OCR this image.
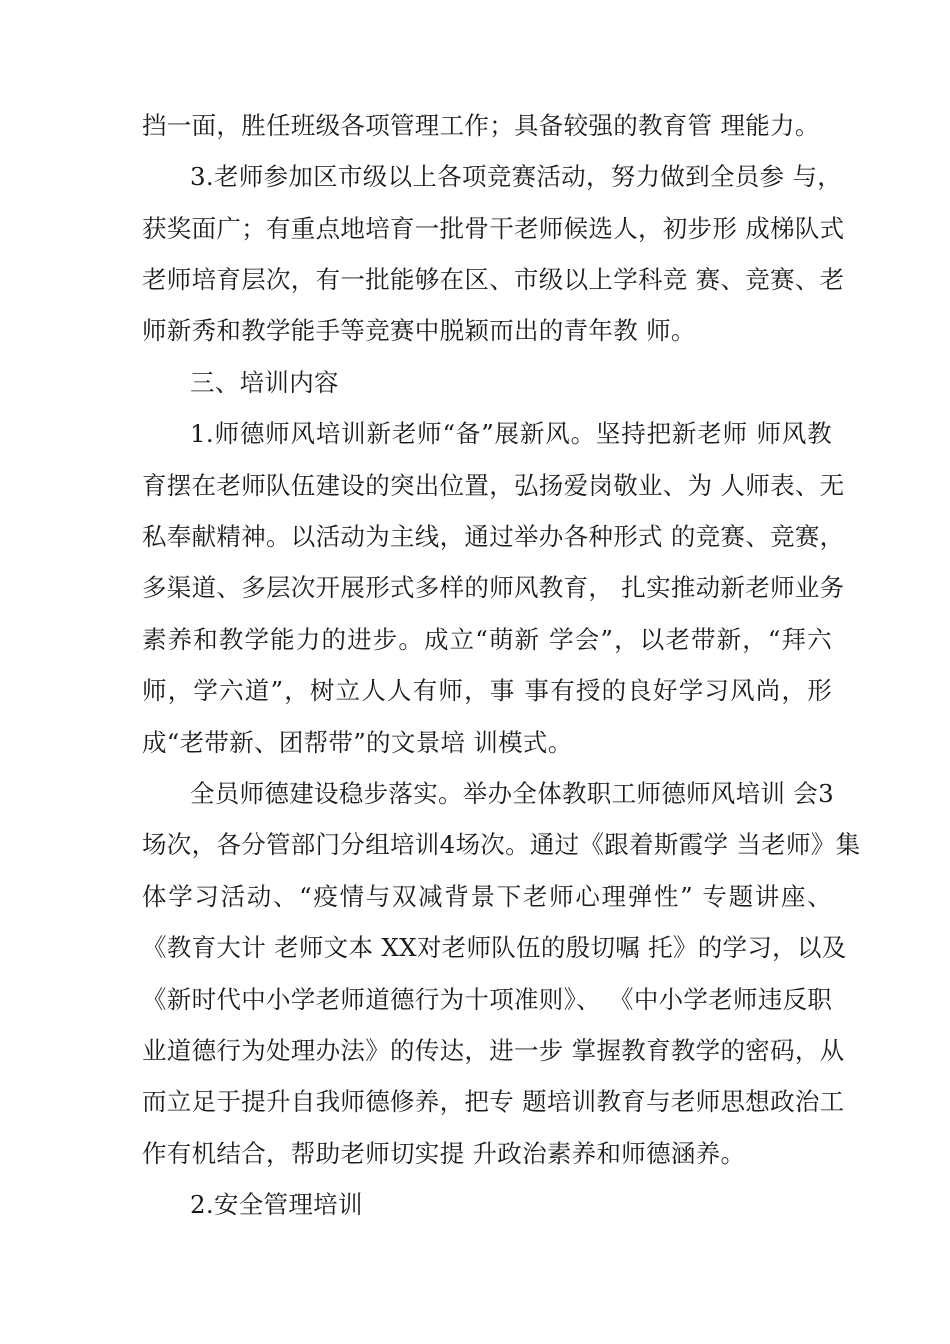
挡一面，胜任班级各项管理工作；具备较强的教育管 理能力。
3.老师参加区市级以上各项竞赛活动，努力做到全员参 与，
获奖面广；有重点地培育一批骨干老师候选人，初步形 成梯队式
老师培育层次，有一批能够在区、市级以上学科竞 赛、竞赛、老
师新秀和教学能手等竞赛中脱颖而出的青年教 师。
三、培训内容
1.师德师风培训新老师“备”展新风。坚持把新老师 师风教
育摆在老师队伍建设的突出位置，弘扬爱岗敬业、为 人师表、无
私奉献精神。以活动为主线，通过举办各种形式 的竞赛、竞赛，
多渠道、多层次开展形式多样的师风教育， 扎实推动新老师业务
素养和教学能力的进步。成立“萌新 学会”，以老带新，“拜六
师，学六道”，树立人人有师，事 事有授的良好学习风尚，形
成“老带新、团帮带”的文景培 训模式。
全员师德建设稳步落实。举办全体教职工师德师风培训 会3
场次，各分管部门分组培训4场次。通过《跟着斯霞学 当老师》集
体学习活动、“疫情与双减背景下老师心理弹性” 专题讲座、
《教育大计 老师文本 XX对老师队伍的殷切嘱 托》的学习，以及
《新时代中小学老师道德行为十项准则》、 《中小学老师违反职
业道德行为处理办法》的传达，进一步 掌握教育教学的密码，从
而立足于提升自我师德修养，把专 题培训教育与老师思想政治工
作有机结合，帮助老师切实提 升政治素养和师德涵养。
2.安全管理培训
